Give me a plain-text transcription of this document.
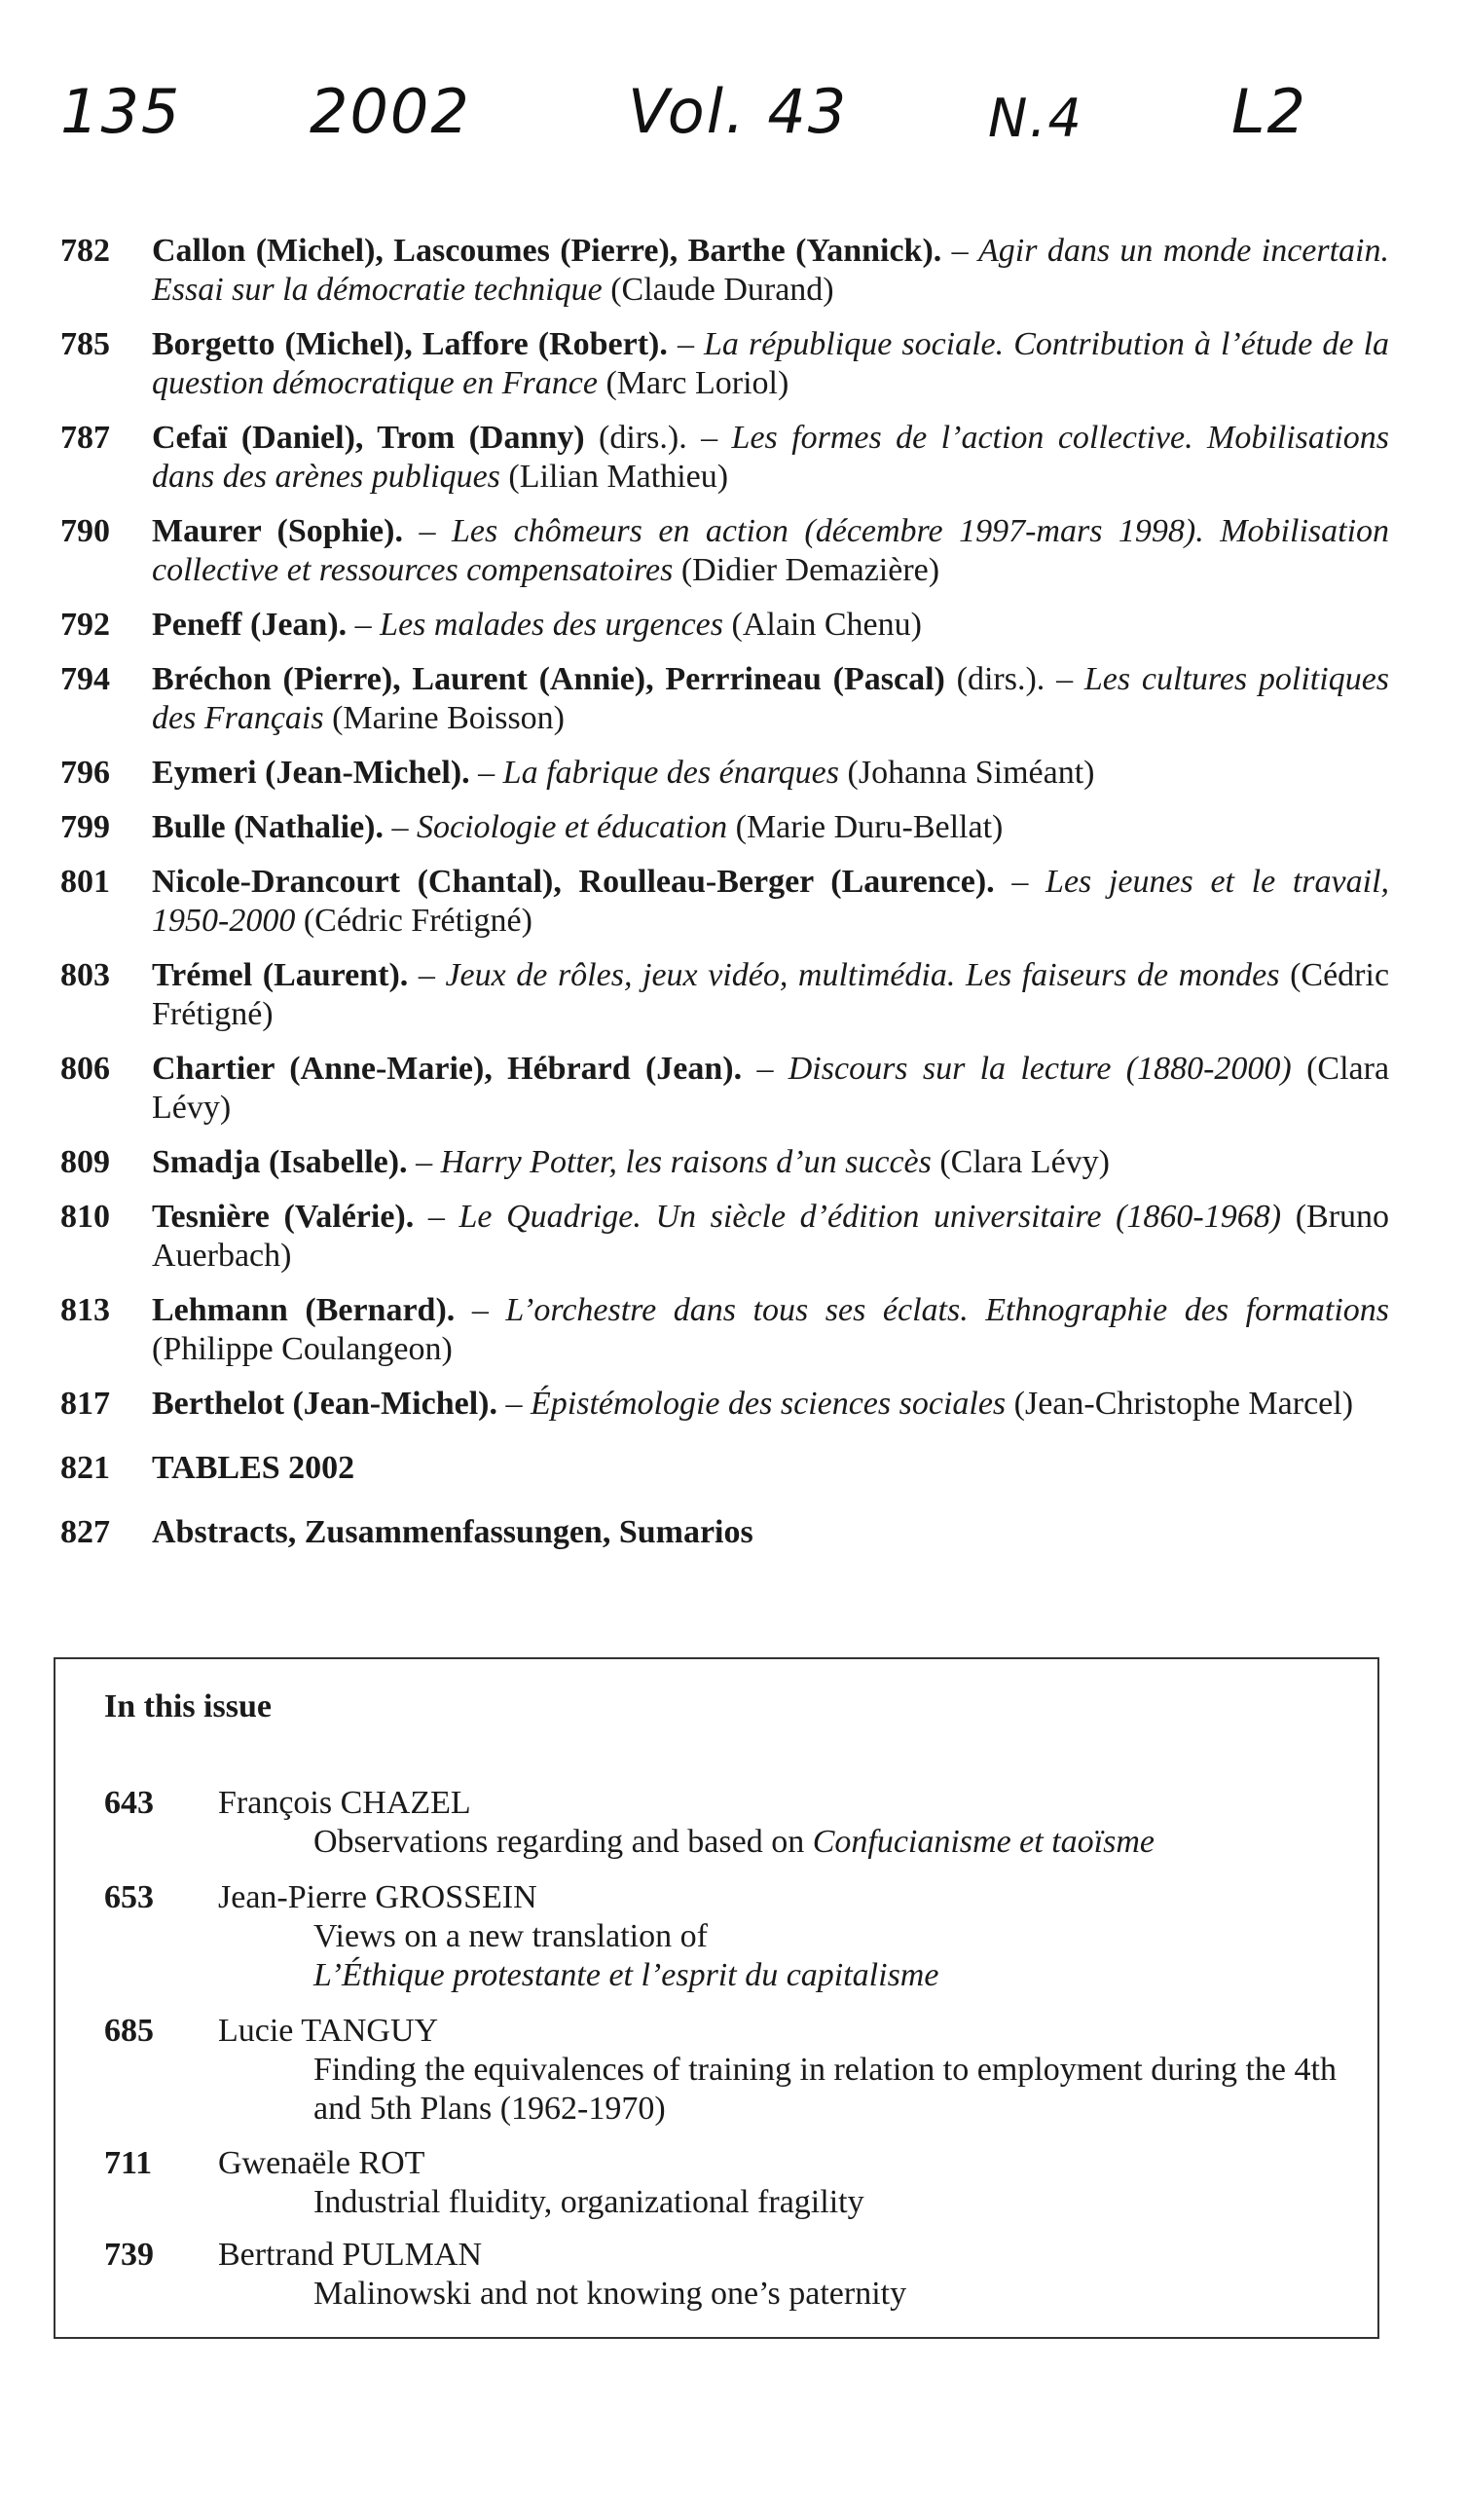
135 2002	Vol. 43	N.4 L2
782	Callon (Michel), Lascoumes (Pierre), Barthe (Yannick). – Agir dans un monde incertain. Essai sur la démocratie technique (Claude Durand)
785	Borgetto (Michel), Laffore (Robert). – La république sociale. Contribution à l’étude de la question démocratique en France (Marc Loriol)
787	Cefaï (Daniel), Trom (Danny) (dirs.). – Les formes de l’action collective. Mobilisations dans des arènes publiques (Lilian Mathieu)
790	Maurer (Sophie). – Les chômeurs en action (décembre 1997-mars 1998). Mobilisation collective et ressources compensatoires (Didier Demazière)
792	Peneff (Jean). – Les malades des urgences (Alain Chenu)
794	Bréchon (Pierre), Laurent (Annie), Perrrineau (Pascal) (dirs.). – Les cultures politiques des Français (Marine Boisson)
796	Eymeri (Jean-Michel). – La fabrique des énarques (Johanna Siméant)
799	Bulle (Nathalie). – Sociologie et éducation (Marie Duru-Bellat)
801	Nicole-Drancourt (Chantal), Roulleau-Berger (Laurence). – Les jeunes et le travail, 1950-2000 (Cédric Frétigné)
803	Trémel (Laurent). – Jeux de rôles, jeux vidéo, multimédia. Les faiseurs de mondes (Cédric Frétigné)
806	Chartier (Anne-Marie), Hébrard (Jean). – Discours sur la lecture (1880-2000) (Clara Lévy)
809	Smadja (Isabelle). – Harry Potter, les raisons d’un succès (Clara Lévy)
810	Tesnière (Valérie). – Le Quadrige. Un siècle d’édition universitaire (1860-1968) (Bruno Auerbach)
813	Lehmann (Bernard). – L’orchestre dans tous ses éclats. Ethnographie des formations (Philippe Coulangeon)
817	Berthelot (Jean-Michel). – Épistémologie des sciences sociales (Jean-Christophe Marcel)
821	TABLES 2002
827	Abstracts, Zusammenfassungen, Sumarios
In this issue
643 François CHAZEL
Observations regarding and based on Confucianisme et taoïsme
653 Jean-Pierre GROSSEIN
Views on a new translation of
L’Éthique protestante et l’esprit du capitalisme
685 Lucie TANGUY
Finding the equivalences of training in relation to employment during the 4th and 5th Plans (1962-1970)
711 Gwenaële ROT
Industrial fluidity, organizational fragility
739 Bertrand PULMAN
Malinowski and not knowing one’s paternity
